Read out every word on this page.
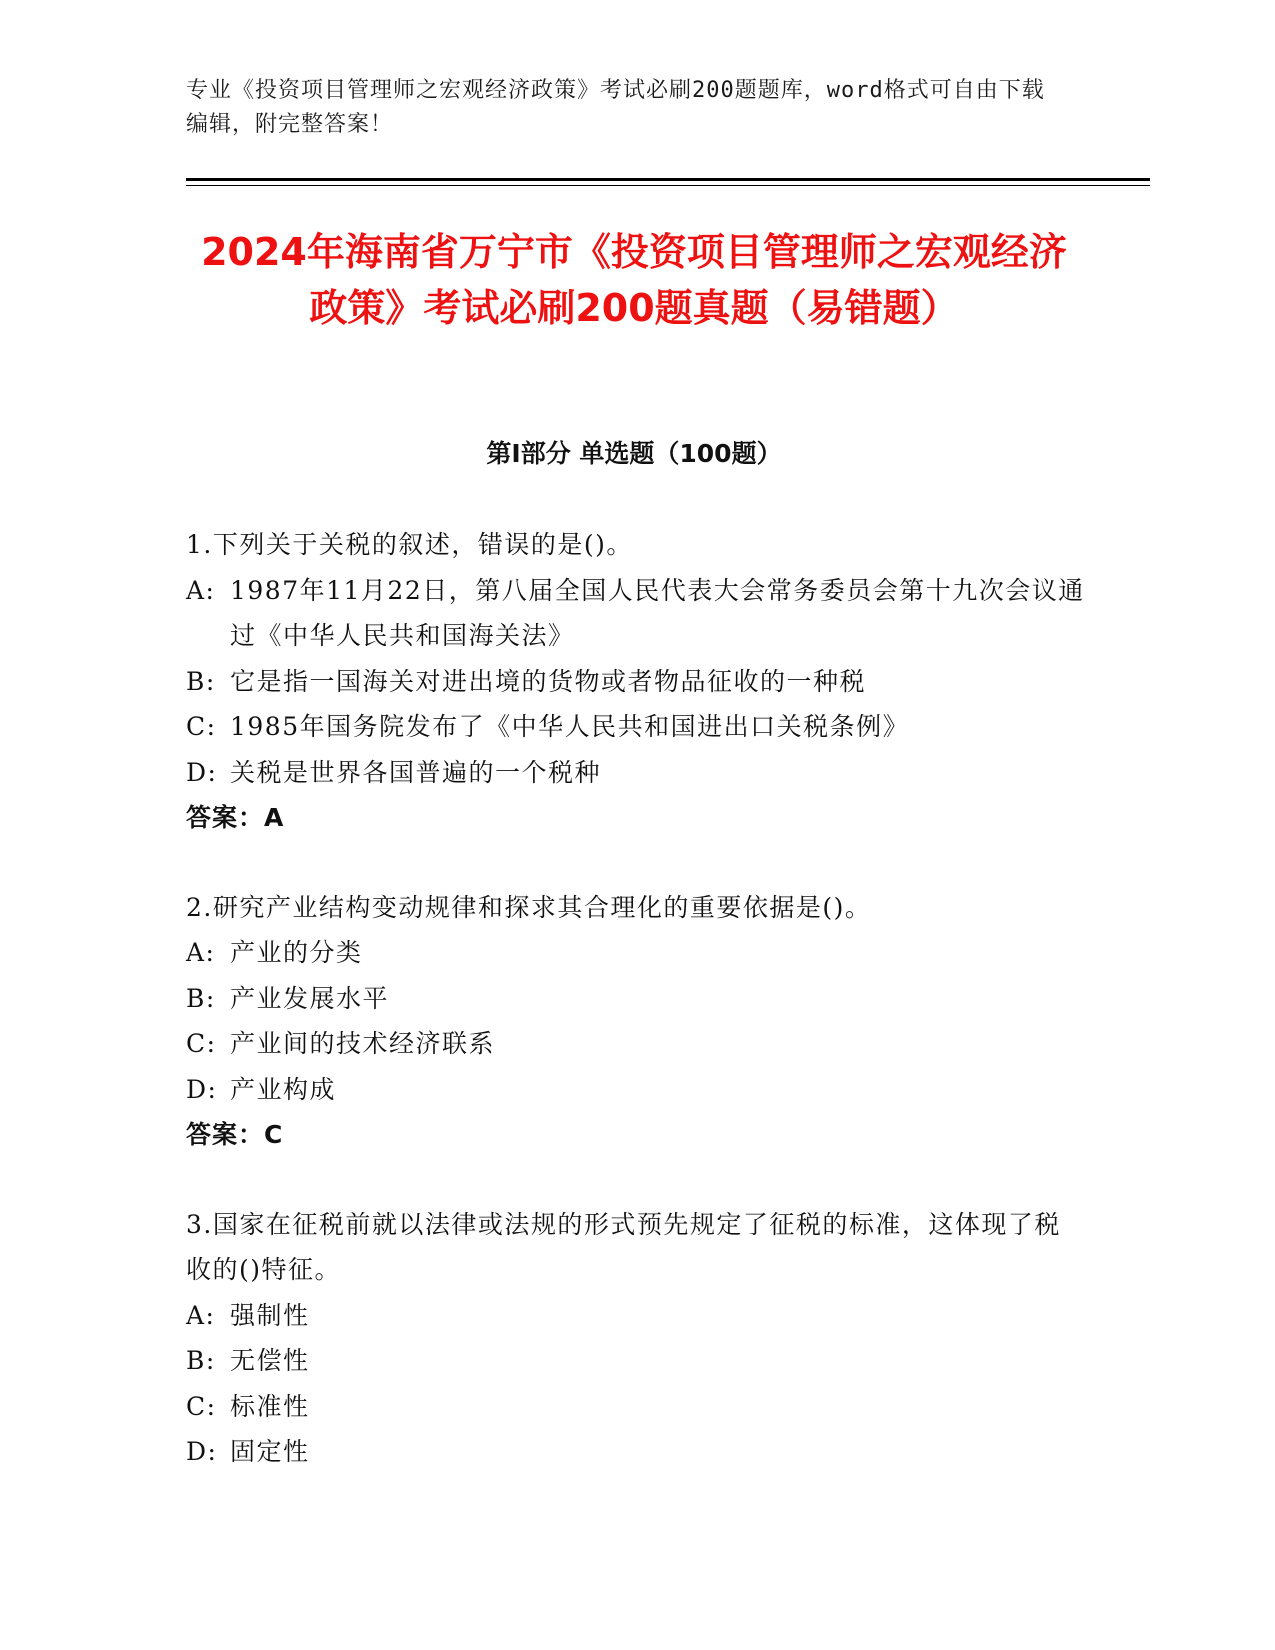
专业《投资项目管理师之宏观经济政策》考试必刷200题题库，word格式可自由下载编辑，附完整答案！
2024年海南省万宁市《投资项目管理师之宏观经济政策》考试必刷200题真题（易错题）
第I部分 单选题（100题）
1.下列关于关税的叙述，错误的是()。
A: 1987年11月22日，第八届全国人民代表大会常务委员会第十九次会议通过《中华人民共和国海关法》
B: 它是指一国海关对进出境的货物或者物品征收的一种税
C: 1985年国务院发布了《中华人民共和国进出口关税条例》
D: 关税是世界各国普遍的一个税种
答案：A
2.研究产业结构变动规律和探求其合理化的重要依据是()。
A: 产业的分类
B: 产业发展水平
C: 产业间的技术经济联系
D: 产业构成
答案：C
3.国家在征税前就以法律或法规的形式预先规定了征税的标准，这体现了税收的()特征。
A: 强制性
B: 无偿性
C: 标准性
D: 固定性
